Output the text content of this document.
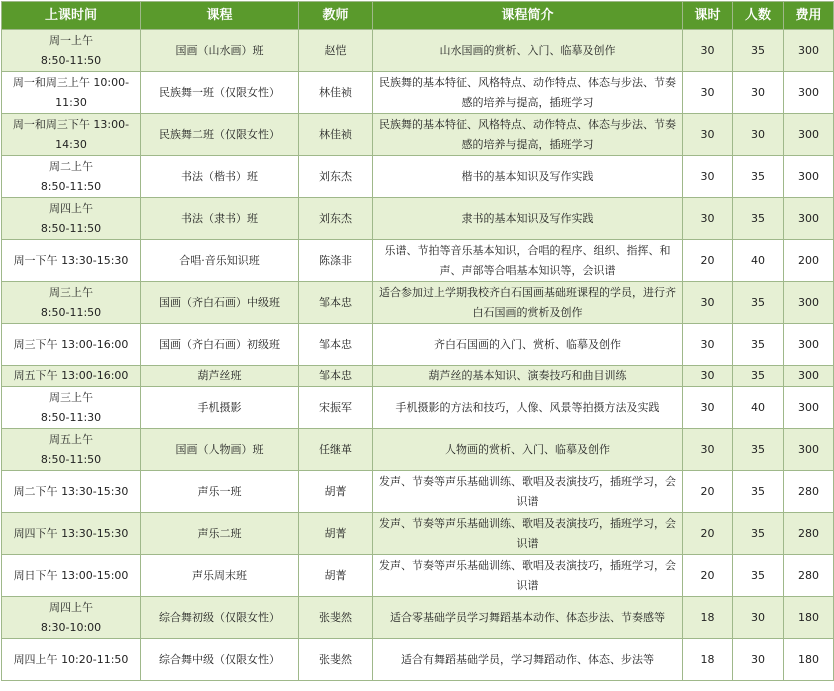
上课时间	课程	教师	课程简介	课时	人数	费用

周一上午
8:50-11:50	国画（山水画）班	赵恺	山水国画的赏析、入门、临摹及创作	30	35	300

周一和周三上午 10:00-
11:30	民族舞一班（仅限女性）	林佳祯	民族舞的基本特征、风格特点、动作特点、体态与步法、节奏感的培养与提高，插班学习	30	30	300

周一和周三下午 13:00-
14:30	民族舞二班（仅限女性）	林佳祯	民族舞的基本特征、风格特点、动作特点、体态与步法、节奏感的培养与提高，插班学习	30	30	300

周二上午
8:50-11:50	书法（楷书）班	刘东杰	楷书的基本知识及写作实践	30	35	300

周四上午
8:50-11:50	书法（隶书）班	刘东杰	隶书的基本知识及写作实践	30	35	300
周一下午 13:30-15:30	合唱·音乐知识班	陈涤非	乐谱、节拍等音乐基本知识，合唱的程序、组织、指挥、和声、声部等合唱基本知识等，会识谱	20	40	200

周三上午
8:50-11:50	国画（齐白石画）中级班	邹本忠	适合参加过上学期我校齐白石国画基础班课程的学员，进行齐白石国画的赏析及创作	30	35	300
周三下午 13:00-16:00	国画（齐白石画）初级班	邹本忠	齐白石国画的入门、赏析、临摹及创作	30	35	300
周五下午 13:00-16:00	葫芦丝班	邹本忠	葫芦丝的基本知识、演奏技巧和曲目训练	30	35	300

周三上午
8:50-11:30	手机摄影	宋振军	手机摄影的方法和技巧，人像、风景等拍摄方法及实践	30	40	300

周五上午
8:50-11:50	国画（人物画）班	任继革	人物画的赏析、入门、临摹及创作	30	35	300
周二下午 13:30-15:30	声乐一班	胡菁	发声、节奏等声乐基础训练、歌唱及表演技巧，插班学习，会识谱	20	35	280
周四下午 13:30-15:30	声乐二班	胡菁	发声、节奏等声乐基础训练、歌唱及表演技巧，插班学习，会识谱	20	35	280
周日下午 13:00-15:00	声乐周末班	胡菁	发声、节奏等声乐基础训练、歌唱及表演技巧，插班学习，会识谱	20	35	280

周四上午
8:30-10:00	综合舞初级（仅限女性）	张斐然	适合零基础学员学习舞蹈基本动作、体态步法、节奏感等	18	30	180
周四上午 10:20-11:50	综合舞中级（仅限女性）	张斐然	适合有舞蹈基础学员，学习舞蹈动作、体态、步法等	18	30	180
